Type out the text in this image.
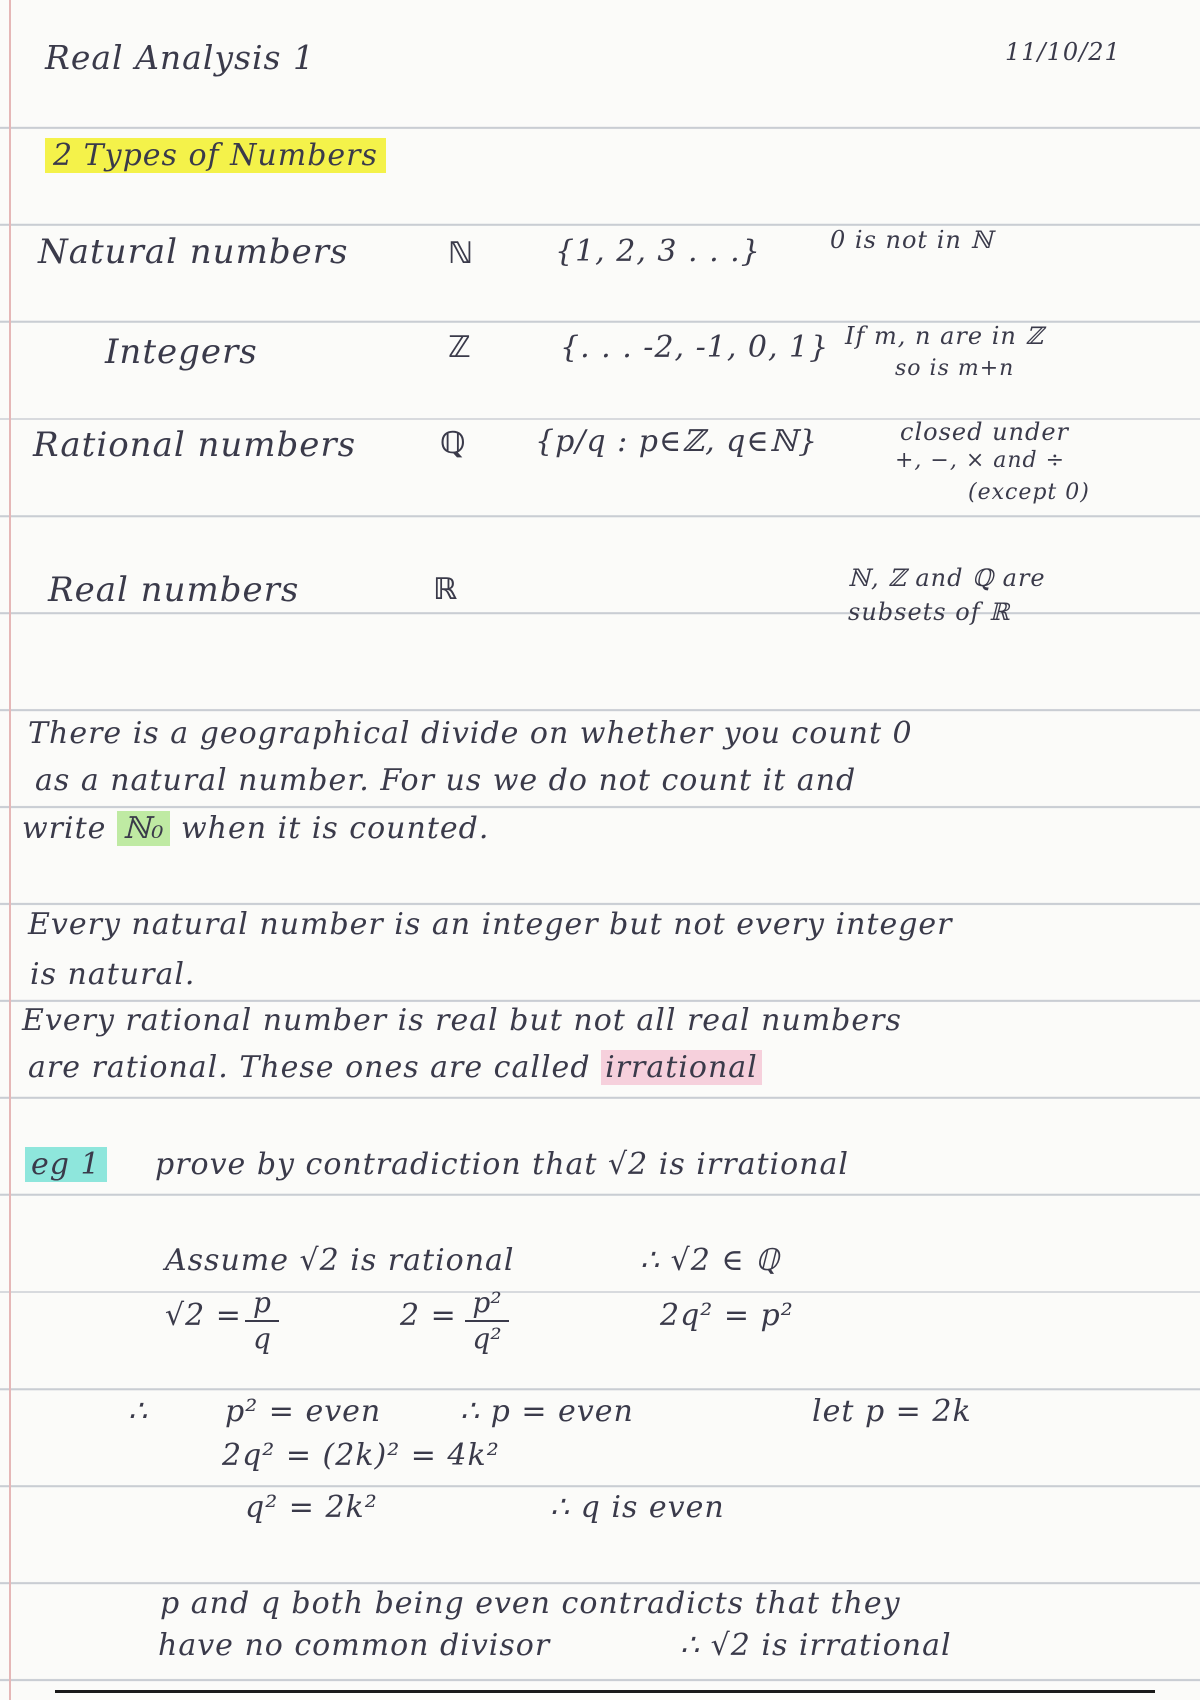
Real Analysis 1	11/10/21
2 Types of Numbers
Natural numbers	ℕ	{1, 2, 3 . . .}	0 is not in ℕ
Integers	ℤ	{. . . -2, -1, 0, 1} If m, n are in ℤ
so is m+n
Rational numbers	ℚ {p/q : p∈ℤ, q∈ℕ}	closed under
+, −, × and ÷
(except 0)
Real numbers	ℝ	ℕ, ℤ and ℚ are
subsets of ℝ
There is a geographical divide on whether you count 0
as a natural number. For us we do not count it and
write ℕ₀ when it is counted.
Every natural number is an integer but not every integer
is natural.
Every rational number is real but not all real numbers
are rational. These ones are called irrational
eg 1 prove by contradiction that √2 is irrational
Assume √2 is rational	∴ √2 ∈ ℚ
√2 = p
q
2 = p²
q²
2q² = p²
∴	p² = even	∴ p = even	let p = 2k
2q² = (2k)² = 4k²
q² = 2k²	∴ q is even
p and q both being even contradicts that they
have no common divisor	∴ √2 is irrational
